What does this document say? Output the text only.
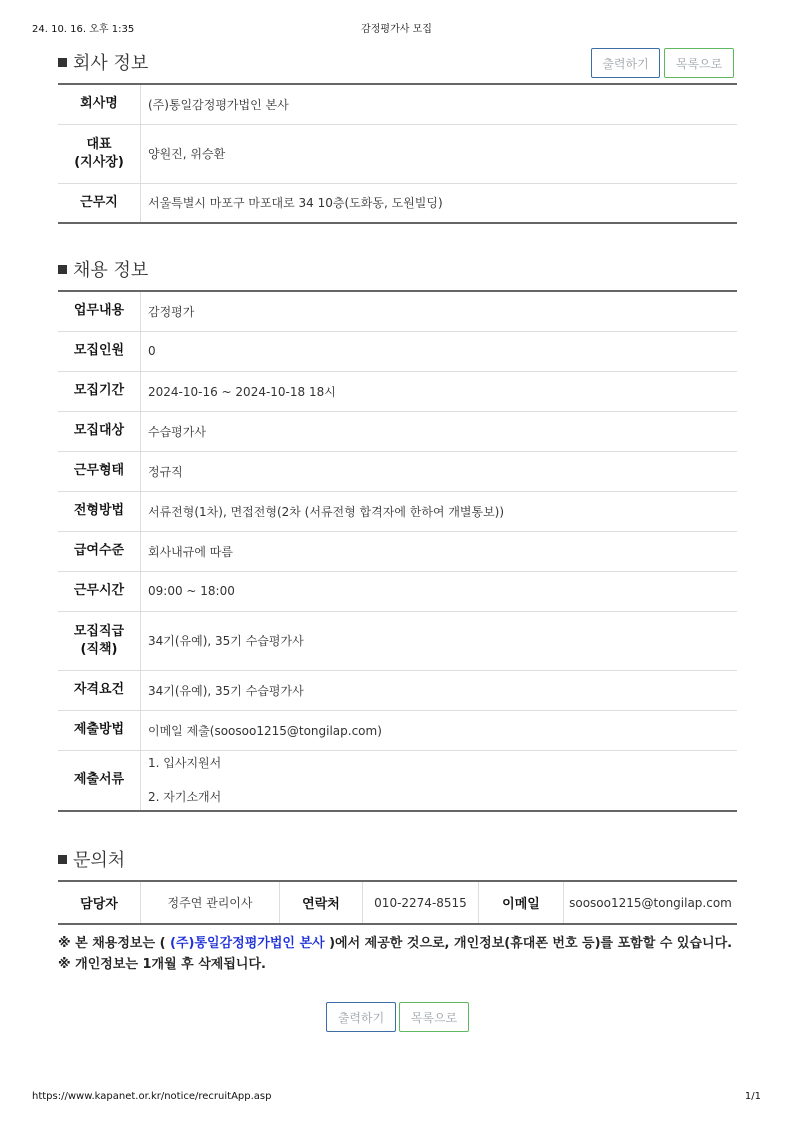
24. 10. 16. 오후 1:35	감정평가사 모집
회사 정보	출력하기	목록으로
회사명	(주)통일감정평가법인 본사
대표
(지사장)	양원진, 위승환
근무지	서울특별시 마포구 마포대로 34 10층(도화동, 도원빌딩)
채용 정보
업무내용	감정평가
모집인원	0
모집기간	2024-10-16 ~ 2024-10-18 18시
모집대상	수습평가사
근무형태	정규직
전형방법	서류전형(1차), 면접전형(2차 (서류전형 합격자에 한하여 개별통보))
급여수준	회사내규에 따름
근무시간	09:00 ~ 18:00
모집직급
(직책)	34기(유예), 35기 수습평가사
자격요건	34기(유예), 35기 수습평가사
제출방법	이메일 제출(soosoo1215@tongilap.com)
제출서류	1. 입사지원서

2. 자기소개서
문의처
담당자	정주연 관리이사	연락처	010-2274-8515	이메일	soosoo1215@tongilap.com
※ 본 채용정보는 ( (주)통일감정평가법인 본사 )에서 제공한 것으로, 개인정보(휴대폰 번호 등)를 포함할 수 있습니다.
※ 개인정보는 1개월 후 삭제됩니다.
출력하기	목록으로
https://www.kapanet.or.kr/notice/recruitApp.asp	1/1
